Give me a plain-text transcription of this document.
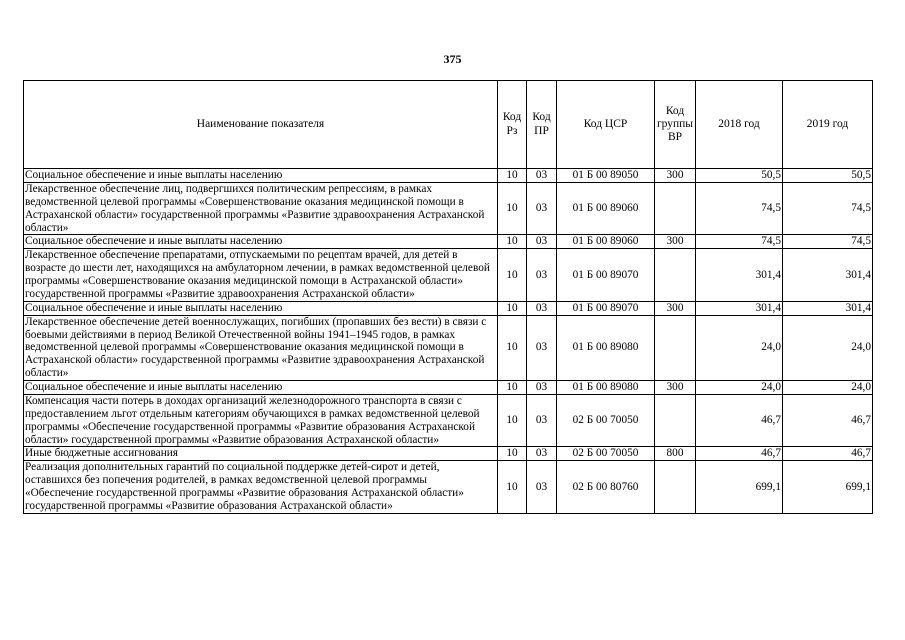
375
Наименование показателя	Код Рз	Код ПР	Код ЦСР	Код группы ВР	2018 год	2019 год
Социальное обеспечение и иные выплаты населению	10	03	01 Б 00 89050	300	50,5	50,5
Лекарственное обеспечение лиц, подвергшихся политическим репрессиям, в рамках ведомственной целевой программы «Совершенствование оказания медицинской помощи в Астраханской области» государственной программы «Развитие здравоохранения Астраханской области»	10	03	01 Б 00 89060		74,5	74,5
Социальное обеспечение и иные выплаты населению	10	03	01 Б 00 89060	300	74,5	74,5
Лекарственное обеспечение препаратами, отпускаемыми по рецептам врачей, для детей в возрасте до шести лет, находящихся на амбулаторном лечении, в рамках ведомственной целевой программы «Совершенствование оказания медицинской помощи в Астраханской области» государственной программы «Развитие здравоохранения Астраханской области»	10	03	01 Б 00 89070		301,4	301,4
Социальное обеспечение и иные выплаты населению	10	03	01 Б 00 89070	300	301,4	301,4
Лекарственное обеспечение детей военнослужащих, погибших (пропавших без вести) в связи с боевыми действиями в период Великой Отечественной войны 1941–1945 годов, в рамках ведомственной целевой программы «Совершенствование оказания медицинской помощи в Астраханской области» государственной программы «Развитие здравоохранения Астраханской области»	10	03	01 Б 00 89080		24,0	24,0
Социальное обеспечение и иные выплаты населению	10	03	01 Б 00 89080	300	24,0	24,0
Компенсация части потерь в доходах организаций железнодорожного транспорта в связи с предоставлением льгот отдельным категориям обучающихся в рамках ведомственной целевой программы «Обеспечение государственной программы «Развитие образования Астраханской области» государственной программы «Развитие образования Астраханской области»	10	03	02 Б 00 70050		46,7	46,7
Иные бюджетные ассигнования	10	03	02 Б 00 70050	800	46,7	46,7
Реализация дополнительных гарантий по социальной поддержке детей-сирот и детей, оставшихся без попечения родителей, в рамках ведомственной целевой программы «Обеспечение государственной программы «Развитие образования Астраханской области» государственной программы «Развитие образования Астраханской области»	10	03	02 Б 00 80760		699,1	699,1
